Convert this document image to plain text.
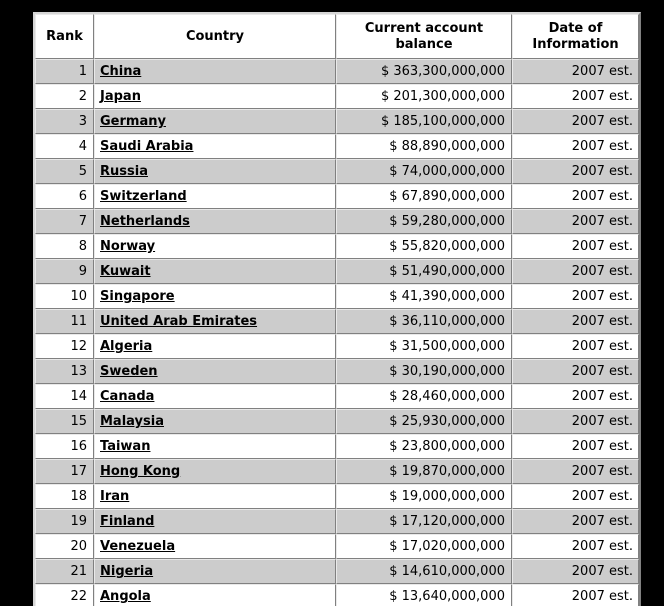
Rank	Country	Current account balance	Date of Information
1	China	$ 363,300,000,000	2007 est.
2	Japan	$ 201,300,000,000	2007 est.
3	Germany	$ 185,100,000,000	2007 est.
4	Saudi Arabia	$ 88,890,000,000	2007 est.
5	Russia	$ 74,000,000,000	2007 est.
6	Switzerland	$ 67,890,000,000	2007 est.
7	Netherlands	$ 59,280,000,000	2007 est.
8	Norway	$ 55,820,000,000	2007 est.
9	Kuwait	$ 51,490,000,000	2007 est.
10	Singapore	$ 41,390,000,000	2007 est.
11	United Arab Emirates	$ 36,110,000,000	2007 est.
12	Algeria	$ 31,500,000,000	2007 est.
13	Sweden	$ 30,190,000,000	2007 est.
14	Canada	$ 28,460,000,000	2007 est.
15	Malaysia	$ 25,930,000,000	2007 est.
16	Taiwan	$ 23,800,000,000	2007 est.
17	Hong Kong	$ 19,870,000,000	2007 est.
18	Iran	$ 19,000,000,000	2007 est.
19	Finland	$ 17,120,000,000	2007 est.
20	Venezuela	$ 17,020,000,000	2007 est.
21	Nigeria	$ 14,610,000,000	2007 est.
22	Angola	$ 13,640,000,000	2007 est.
